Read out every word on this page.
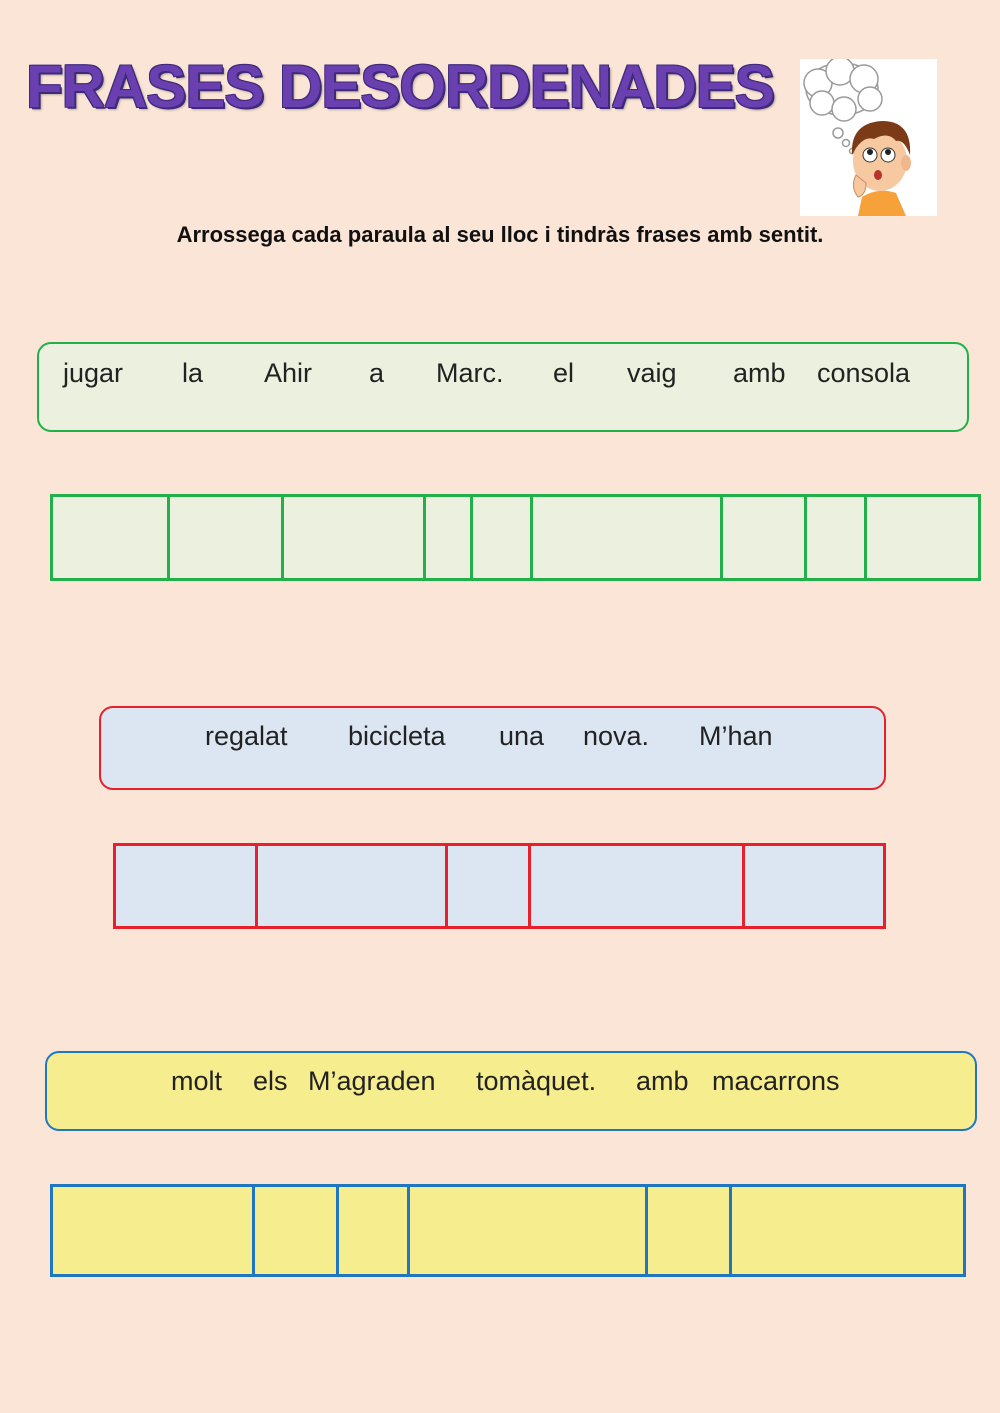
FRASES DESORDENADES
Arrossega cada paraula al seu lloc i tindràs frases amb sentit.
jugar la Ahir a Marc. el vaig amb consola
regalat bicicleta una nova. M’han
molt els M’agraden tomàquet. amb macarrons
